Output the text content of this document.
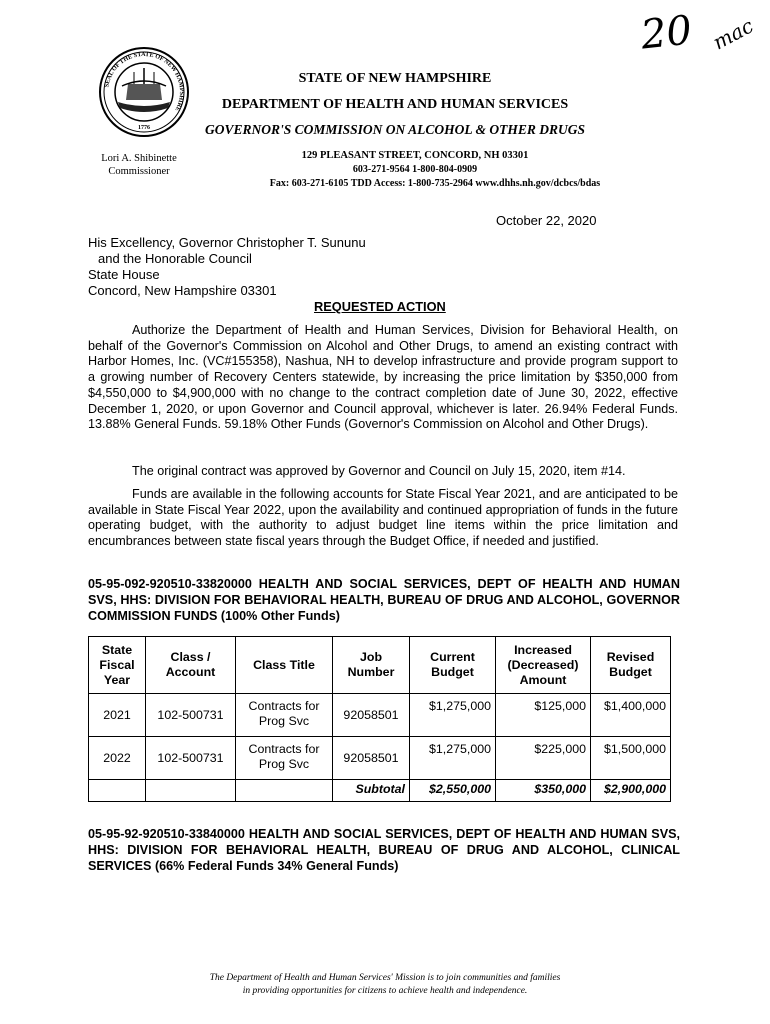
20 mac
SEAL OF THE STATE OF NEW HAMPSHIRE
1776
STATE OF NEW HAMPSHIRE
DEPARTMENT OF HEALTH AND HUMAN SERVICES
GOVERNOR'S COMMISSION ON ALCOHOL & OTHER DRUGS
Lori A. Shibinette
Commissioner
129 PLEASANT STREET, CONCORD, NH 03301
603-271-9564 1-800-804-0909
Fax: 603-271-6105 TDD Access: 1-800-735-2964 www.dhhs.nh.gov/dcbcs/bdas
October 22, 2020
His Excellency, Governor Christopher T. Sununu
and the Honorable Council
State House
Concord, New Hampshire 03301
REQUESTED ACTION

Authorize the Department of Health and Human Services, Division for Behavioral Health, on behalf of the Governor's Commission on Alcohol and Other Drugs, to amend an existing contract with Harbor Homes, Inc. (VC#155358), Nashua, NH to develop infrastructure and provide program support to a growing number of Recovery Centers statewide, by increasing the price limitation by $350,000 from $4,550,000 to $4,900,000 with no change to the contract completion date of June 30, 2022, effective December 1, 2020, or upon Governor and Council approval, whichever is later. 26.94% Federal Funds. 13.88% General Funds. 59.18% Other Funds (Governor's Commission on Alcohol and Other Drugs).

The original contract was approved by Governor and Council on July 15, 2020, item #14.

Funds are available in the following accounts for State Fiscal Year 2021, and are anticipated to be available in State Fiscal Year 2022, upon the availability and continued appropriation of funds in the future operating budget, with the authority to adjust budget line items within the price limitation and encumbrances between state fiscal years through the Budget Office, if needed and justified.

05-95-092-920510-33820000 HEALTH AND SOCIAL SERVICES, DEPT OF HEALTH AND HUMAN SVS, HHS: DIVISION FOR BEHAVIORAL HEALTH, BUREAU OF DRUG AND ALCOHOL, GOVERNOR COMMISSION FUNDS (100% Other Funds)
State Fiscal Year	Class / Account	Class Title	Job Number	Current Budget	Increased (Decreased) Amount	Revised Budget
2021	102-500731	Contracts for Prog Svc	92058501	$1,275,000	$125,000	$1,400,000
2022	102-500731	Contracts for Prog Svc	92058501	$1,275,000	$225,000	$1,500,000
			Subtotal	$2,550,000	$350,000	$2,900,000
05-95-92-920510-33840000 HEALTH AND SOCIAL SERVICES, DEPT OF HEALTH AND HUMAN SVS, HHS: DIVISION FOR BEHAVIORAL HEALTH, BUREAU OF DRUG AND ALCOHOL, CLINICAL SERVICES (66% Federal Funds 34% General Funds)
The Department of Health and Human Services' Mission is to join communities and families
in providing opportunities for citizens to achieve health and independence.
